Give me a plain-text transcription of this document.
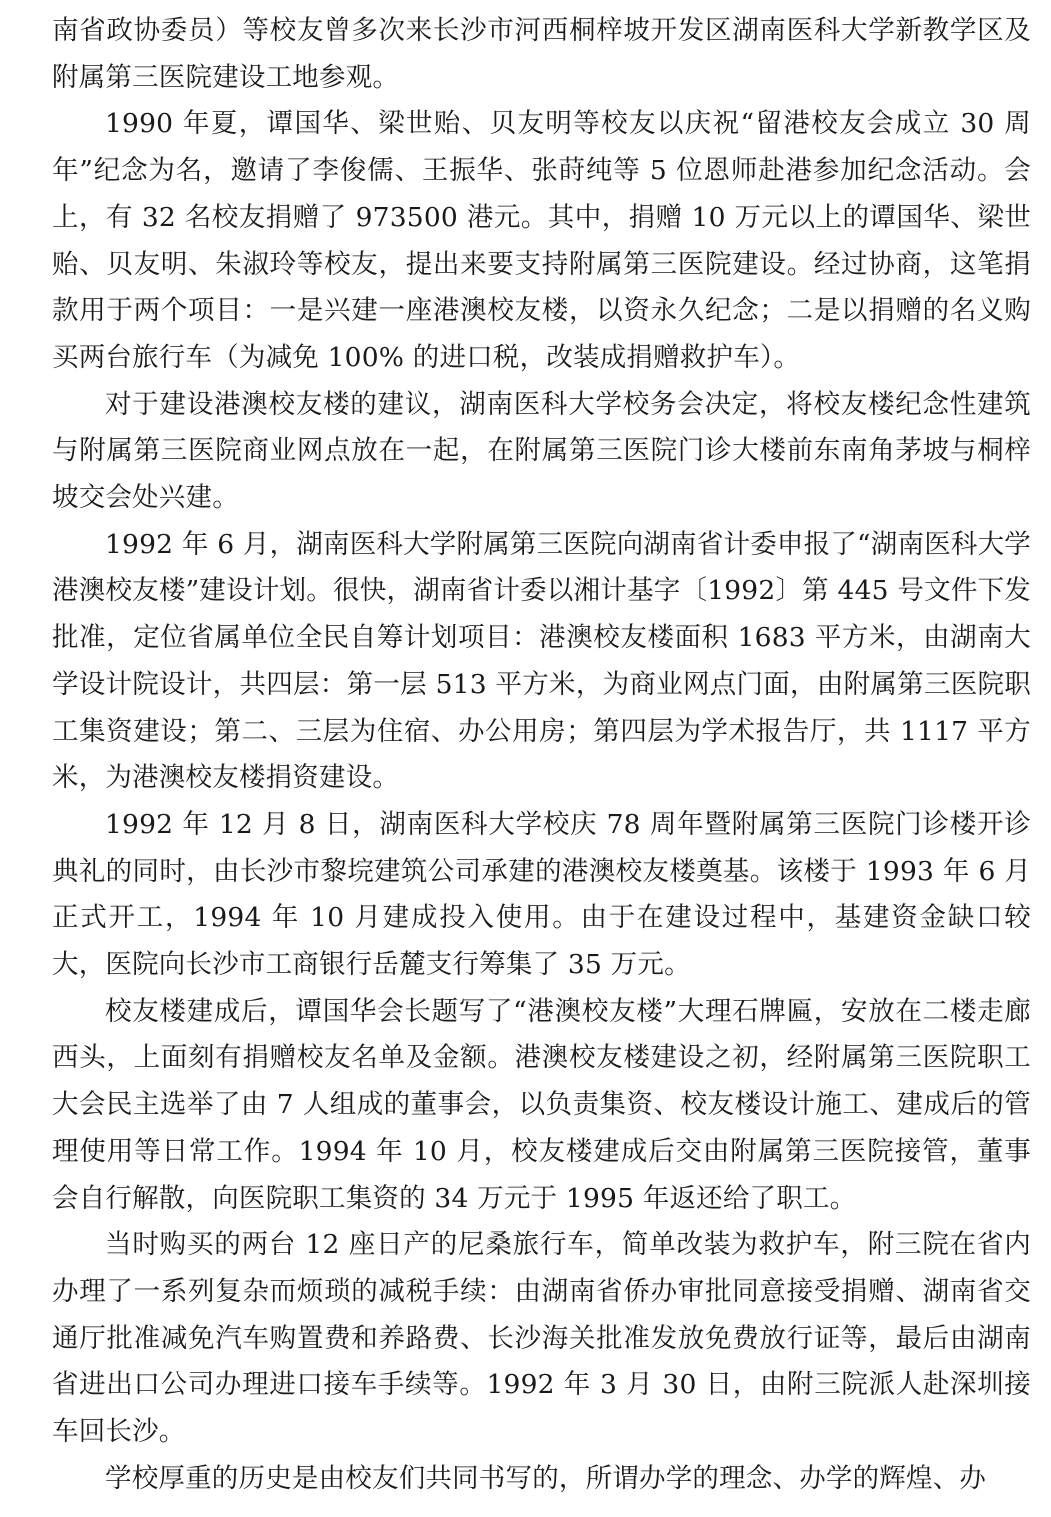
南省政协委员）等校友曾多次来长沙市河西桐梓坡开发区湖南医科大学新教学区及附属第三医院建设工地参观。

1990 年夏，谭国华、梁世贻、贝友明等校友以庆祝“留港校友会成立 30 周年”纪念为名，邀请了李俊儒、王振华、张莳纯等 5 位恩师赴港参加纪念活动。会上，有 32 名校友捐赠了 973500 港元。其中，捐赠 10 万元以上的谭国华、梁世贻、贝友明、朱淑玲等校友，提出来要支持附属第三医院建设。经过协商，这笔捐款用于两个项目：一是兴建一座港澳校友楼，以资永久纪念；二是以捐赠的名义购买两台旅行车（为减免 100% 的进口税，改装成捐赠救护车）。

对于建设港澳校友楼的建议，湖南医科大学校务会决定，将校友楼纪念性建筑与附属第三医院商业网点放在一起，在附属第三医院门诊大楼前东南角茅坡与桐梓坡交会处兴建。

1992 年 6 月，湖南医科大学附属第三医院向湖南省计委申报了“湖南医科大学港澳校友楼”建设计划。很快，湖南省计委以湘计基字〔1992〕第 445 号文件下发批准，定位省属单位全民自筹计划项目：港澳校友楼面积 1683 平方米，由湖南大学设计院设计，共四层：第一层 513 平方米，为商业网点门面，由附属第三医院职工集资建设；第二、三层为住宿、办公用房；第四层为学术报告厅，共 1117 平方米，为港澳校友楼捐资建设。

1992 年 12 月 8 日，湖南医科大学校庆 78 周年暨附属第三医院门诊楼开诊典礼的同时，由长沙市黎垸建筑公司承建的港澳校友楼奠基。该楼于 1993 年 6 月正式开工，1994 年 10 月建成投入使用。由于在建设过程中，基建资金缺口较大，医院向长沙市工商银行岳麓支行筹集了 35 万元。

校友楼建成后，谭国华会长题写了“港澳校友楼”大理石牌匾，安放在二楼走廊西头，上面刻有捐赠校友名单及金额。港澳校友楼建设之初，经附属第三医院职工大会民主选举了由 7 人组成的董事会，以负责集资、校友楼设计施工、建成后的管理使用等日常工作。1994 年 10 月，校友楼建成后交由附属第三医院接管，董事会自行解散，向医院职工集资的 34 万元于 1995 年返还给了职工。

当时购买的两台 12 座日产的尼桑旅行车，简单改装为救护车，附三院在省内办理了一系列复杂而烦琐的减税手续：由湖南省侨办审批同意接受捐赠、湖南省交通厅批准减免汽车购置费和养路费、长沙海关批准发放免费放行证等，最后由湖南省进出口公司办理进口接车手续等。1992 年 3 月 30 日，由附三院派人赴深圳接车回长沙。

学校厚重的历史是由校友们共同书写的，所谓办学的理念、办学的辉煌、办
